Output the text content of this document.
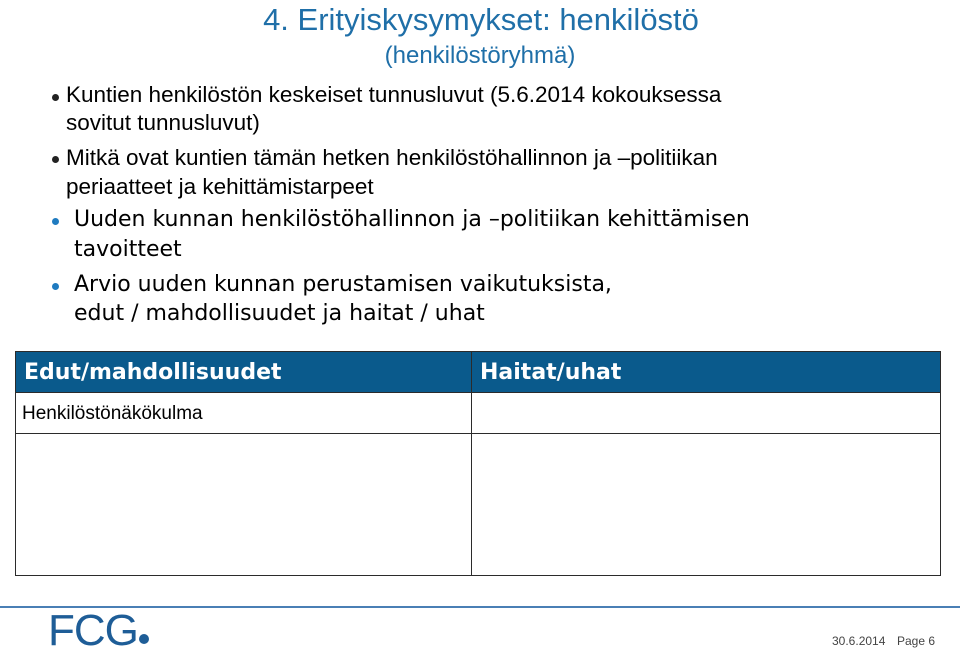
4. Erityiskysymykset: henkilöstö
(henkilöstöryhmä)
Kuntien henkilöstön keskeiset tunnusluvut (5.6.2014 kokouksessa
sovitut tunnusluvut)
Mitkä ovat kuntien tämän hetken henkilöstöhallinnon ja –politiikan
periaatteet ja kehittämistarpeet
Uuden kunnan henkilöstöhallinnon ja –politiikan kehittämisen
tavoitteet
Arvio uuden kunnan perustamisen vaikutuksista,
edut / mahdollisuudet ja haitat / uhat
Edut/mahdollisuudet	Haitat/uhat
Henkilöstönäkökulma	

FCG	30.6.2014 Page 6
